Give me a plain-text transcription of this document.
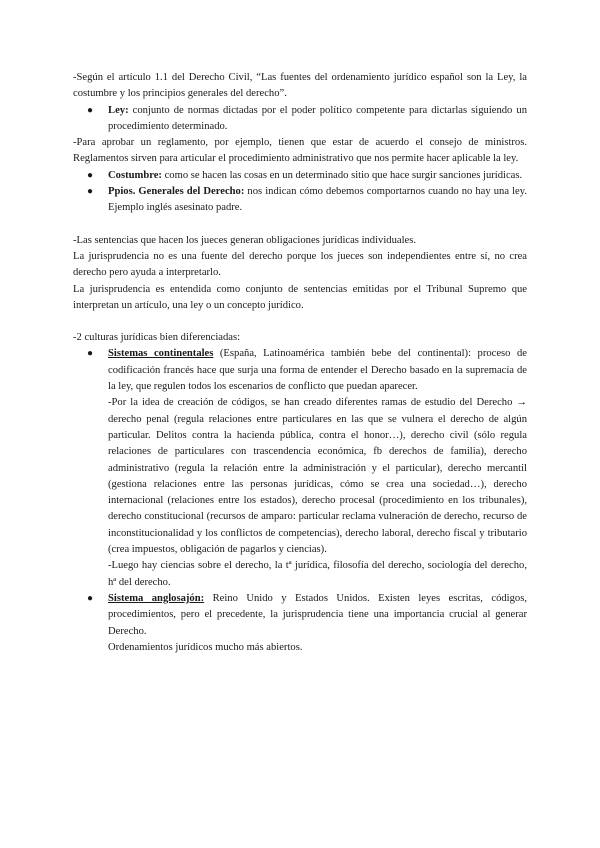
-Según el artículo 1.1 del Derecho Civil, “Las fuentes del ordenamiento jurídico español son la Ley, la costumbre y los principios generales del derecho”.

● Ley: conjunto de normas dictadas por el poder político competente para dictarlas siguiendo un procedimiento determinado.

-Para aprobar un reglamento, por ejemplo, tienen que estar de acuerdo el consejo de ministros. Reglamentos sirven para articular el procedimiento administrativo que nos permite hacer aplicable la ley.

● Costumbre: como se hacen las cosas en un determinado sitio que hace surgir sanciones jurídicas.
● Ppios. Generales del Derecho: nos indican cómo debemos comportarnos cuando no hay una ley. Ejemplo inglés asesinato padre.

-Las sentencias que hacen los jueces generan obligaciones jurídicas individuales.

La jurisprudencia no es una fuente del derecho porque los jueces son independientes entre sí, no crea derecho pero ayuda a interpretarlo.

La jurisprudencia es entendida como conjunto de sentencias emitidas por el Tribunal Supremo que interpretan un artículo, una ley o un concepto jurídico.

-2 culturas jurídicas bien diferenciadas:

● Sistemas continentales (España, Latinoamérica también bebe del continental): proceso de codificación francés hace que surja una forma de entender el Derecho basado en la supremacía de la ley, que regulen todos los escenarios de conflicto que puedan aparecer.
-Por la idea de creación de códigos, se han creado diferentes ramas de estudio del Derecho → derecho penal (regula relaciones entre particulares en las que se vulnera el derecho de algún particular. Delitos contra la hacienda pública, contra el honor…), derecho civil (sólo regula relaciones de particulares con trascendencia económica, fb derechos de familia), derecho administrativo (regula la relación entre la administración y el particular), derecho mercantil (gestiona relaciones entre las personas jurídicas, cómo se crea una sociedad…), derecho internacional (relaciones entre los estados), derecho procesal (procedimiento en los tribunales), derecho constitucional (recursos de amparo: particular reclama vulneración de derecho, recurso de inconstitucionalidad y los conflictos de competencias), derecho laboral, derecho fiscal y tributario (crea impuestos, obligación de pagarlos y ciencias).
-Luego hay ciencias sobre el derecho, la tª jurídica, filosofía del derecho, sociología del derecho, hª del derecho.
● Sistema anglosajón: Reino Unido y Estados Unidos. Existen leyes escritas, códigos, procedimientos, pero el precedente, la jurisprudencia tiene una importancia crucial al generar Derecho.
Ordenamientos jurídicos mucho más abiertos.
